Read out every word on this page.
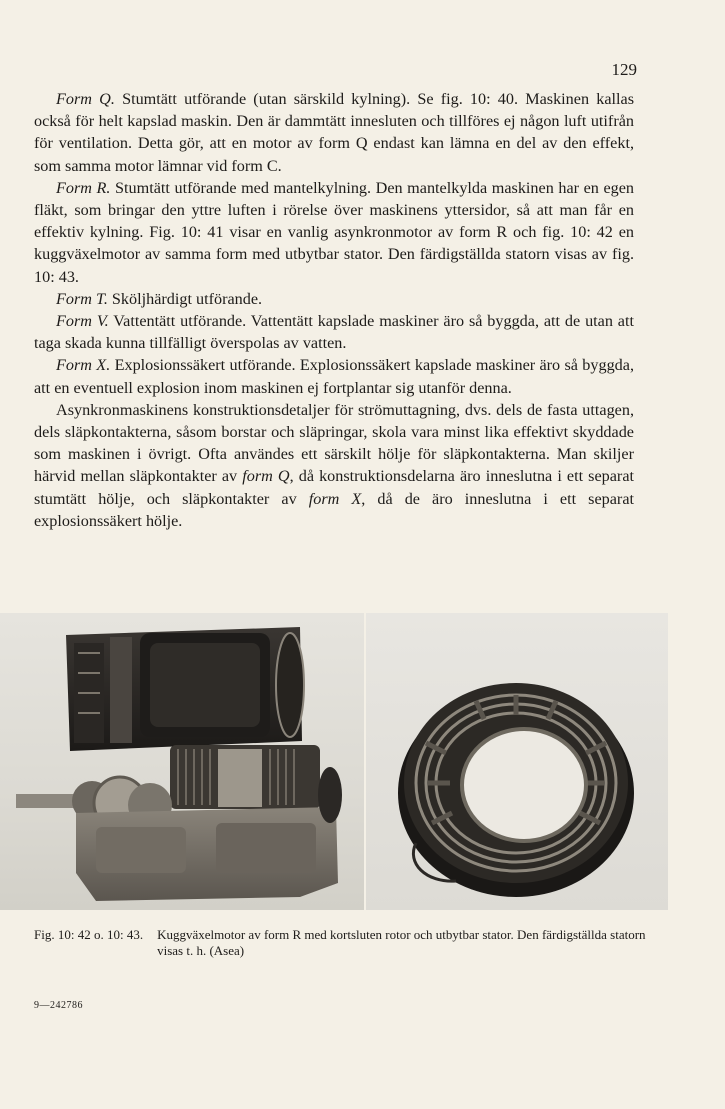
129

Form Q. Stumtätt utförande (utan särskild kylning). Se fig. 10: 40. Maskinen kallas också för helt kapslad maskin. Den är dammtätt innesluten och tillföres ej någon luft utifrån för ventilation. Detta gör, att en motor av form Q endast kan lämna en del av den effekt, som samma motor lämnar vid form C.

Form R. Stumtätt utförande med mantelkylning. Den mantelkylda maskinen har en egen fläkt, som bringar den yttre luften i rörelse över maskinens yttersidor, så att man får en effektiv kylning. Fig. 10: 41 visar en vanlig asynkronmotor av form R och fig. 10: 42 en kuggväxelmotor av samma form med utbytbar stator. Den färdigställda statorn visas av fig. 10: 43.

Form T. Sköljhärdigt utförande.

Form V. Vattentätt utförande. Vattentätt kapslade maskiner äro så byggda, att de utan att taga skada kunna tillfälligt överspolas av vatten.

Form X. Explosionssäkert utförande. Explosionssäkert kapslade maskiner äro så byggda, att en eventuell explosion inom maskinen ej fortplantar sig utanför denna.

Asynkronmaskinens konstruktionsdetaljer för strömuttagning, dvs. dels de fasta uttagen, dels släpkontakterna, såsom borstar och släpringar, skola vara minst lika effektivt skyddade som maskinen i övrigt. Ofta användes ett särskilt hölje för släpkontakterna. Man skiljer härvid mellan släpkontakter av form Q, då konstruktionsdelarna äro inneslutna i ett separat stumtätt hölje, och släpkontakter av form X, då de äro inneslutna i ett separat explosionssäkert hölje.

Fig. 10: 42 o. 10: 43. Kuggväxelmotor av form R med kortsluten rotor och utbytbar stator. Den färdigställda statorn visas t. h. (Asea)
9—242786
